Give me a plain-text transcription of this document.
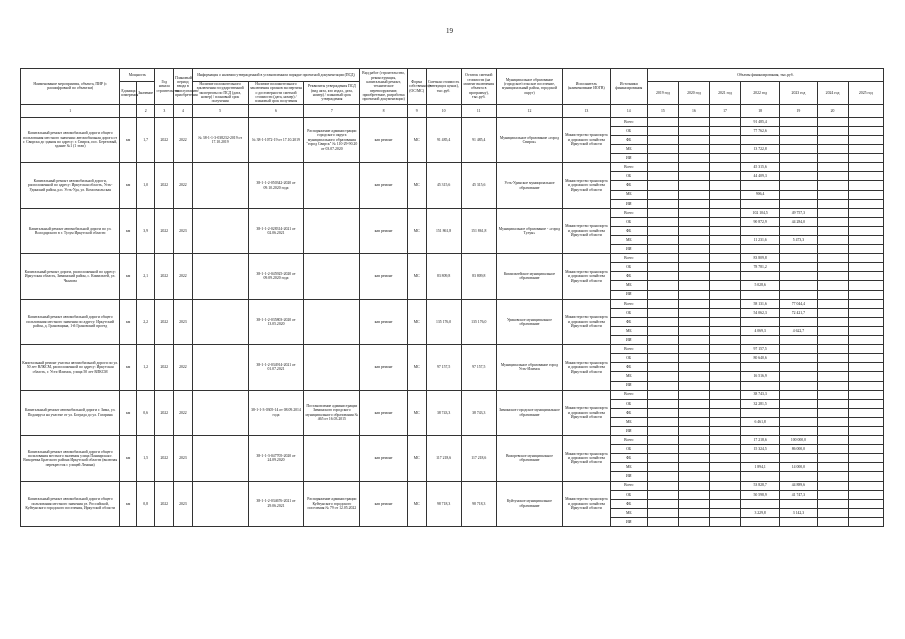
19
Наименование мероприятия, объекта, ПИР (с расшифровкой по объектам)	Мощность		Год начала строительства	Плановый период ввода в эксплуатацию/приобретения	Информация о наличии утвержденной в установленном порядке проектной документации (ПСД)			Вид работ (строительство, реконструкция, капитальный ремонт, техническое перевооружение, приобретение, разработка проектной документации)	Форма собственности (ОС/МС)	Сметная стоимость (в текущих ценах), тыс.руб.	Остаток сметной стоимости (на момент включения объекта в программу), тыс.руб.	Муниципальное образование (городское/сельское поселение, муниципальный район, городской округ)	Исполнитель (наименование ИОГВ)	Источники финансирования	Объемы финансирования, тыс.руб.						
	Единица измерения	Значение			Наличие положительного заключения государственной экспертизы по ПСД (дата, номер) / плановый срок получения	Наличие положительного заключения органов экспертизы о достоверности сметной стоимости (дата, номер) / плановый срок получения	Реквизиты утверждения ПСД (вид акта, кто издал, дата, номер) / плановый срок утверждения								2019 год	2020 год	2021 год	2022 год	2023 год	2024 год	2025 год
1		2	3	4	5	6	7	8	9	10	11	12	13	14	15	16	17	18	19	20	
Капитальный ремонт автомобильной дороги общего пользования местного значения: автомобильная дорога от г. Свирска до здания по адресу: г. Свирск, пос. Березовый, здание №1 (1 этап)	км	1,7	2022	2022	№ 38-1-1-3-038232-2019 от 17.10.2019	№ 38-1-1072-19 от 17.10.2019	Распоряжение администрации городского округа муниципального образования "город Свирск" № 110-29-90.20 от 03.07.2020	кап ремонт	МС	91 485,4	91 485,4	Муниципальное образование «город Свирск»	Министерство транспорта и дорожного хозяйства Иркутской области	Всего				91 485,4			
														ОБ				77 762,6			
														ФБ							
														МБ				13 722,8			
														ИИ							
Капитальный ремонт автомобильной дороги, расположенной по адресу: Иркутская область, Усть-Удинский район, р.п. Усть-Уда, ул. Комсомольская	км	1,0	2022	2022		38-1-1-2-050342-2020 от 09.10.2020 года		кап ремонт	МС	45 315,6	45 315,6	Усть-Удинское муниципальное образование	Министерство транспорта и дорожного хозяйства Иркутской области	Всего				45 315,6			
														ОБ				44 409,3			
														ФБ							
														МБ				906,4			
														ИИ							
Капитальный ремонт автомобильной дороги по ул. Володарского в г. Тулун Иркутской области	км	3,9	2022	2023		38-1-1-2-028314-2021 от 02.06.2021		кап ремонт	МС	151 861,8	151 861,8	Муниципальное образование - «город Тулун»	Министерство транспорта и дорожного хозяйства Иркутской области	Всего				102 104,5	49 757,3		
														ОБ				90 872,9	44 284,0		
														ФБ							
														МБ				11 231,6	5 473,3		
														ИИ							
Капитальный ремонт дороги, расположенной по адресу: Иркутская область, Зиминский район, с. Кимильтей, ул. Чкалова	км	2,1	2022	2022		38-1-1-2-045925-2020 от 09.09.2020 года		кап ремонт	МС	83 809,8	83 809,8	Кимильтейское муниципальное образование	Министерство транспорта и дорожного хозяйства Иркутской области	Всего				83 809,8			
														ОБ				78 781,2			
														ФБ							
														МБ				5 028,6			
														ИИ							
Капитальный ремонт автомобильной дороги общего пользования местного значения по адресу: Иркутский район, д. Грановщина, 1-й Грановский проезд	км	2,2	2022	2023		38-1-1-2-035803-2020 от 13.05.2020		кап ремонт	МС	135 176,0	135 176,0	Уриковское муниципальное образование	Министерство транспорта и дорожного хозяйства Иркутской области	Всего				58 131,6	77 044,4		
														ОБ				54 062,3	72 421,7		
														ФБ							
														МБ				4 069,3	4 622,7		
														ИИ							
Капитальный ремонт участка автомобильной дороги по ул. 50 лет ВЛКСМ, расположенной по адресу: Иркутская область, г. Усть-Илимск, улица 50 лет ВЛКСМ	км	1,2	2022	2022		38-1-1-2-034914-2021 от 01.07.2021		кап ремонт	МС	97 157,5	97 157,5	Муниципальное образование город Усть-Илимск	Министерство транспорта и дорожного хозяйства Иркутской области	Всего				97 157,5			
														ОБ				80 640,6			
														ФБ							
														МБ				16 516,9			
														ИИ							
Капитальный ремонт автомобильной дороги г. Зима, ул. Подаируса на участке от ул. Бограда до ул. Гагарина	км	0,6	2022	2022		38-1-1-3-0305-14 от 08.09.2014 года	Постановление администрации Зиминского городского муниципального образования № 465 от 16.03.2015	кап ремонт	МС	38 743,3	38 743,3	Зиминское городское муниципальное образование	Министерство транспорта и дорожного хозяйства Иркутской области	Всего				38 743,3			
														ОБ				32 281,5			
														ФБ							
														МБ				6 461,8			
														ИИ							
Капитальный ремонт автомобильной дороги общего пользования местного значения улица Паниярская г. Вихоревка Братского района Иркутской области (включая перекресток с улицей Ленина)	км	1,5	2022	2023		38-1-1-3-047705-2020 от 24.09.2020		кап ремонт	МС	117 218,6	117 218,6	Вихоревское муниципальное образование	Министерство транспорта и дорожного хозяйства Иркутской области	Всего				17 218,6	100 000,0		
														ОБ				15 324,5	86 000,0		
														ФБ							
														МБ				1 894,1	14 000,0		
														ИИ							
Капитальный ремонт автомобильной дороги общего пользования местного значения ул. Российской, Куйтунского городского поселения, Иркутской области	км	0,8	2022	2023		38-1-1-2-034676-2021 от 29.06.2021	Распоряжение администрации Куйтунского городского поселения № 79 от 12.05.2022	кап ремонт	МС	98 718,3	98 718,3	Куйтунское муниципальное образование	Министерство транспорта и дорожного хозяйства Иркутской области	Всего				53 828,7	44 889,6		
														ОБ				50 598,9	41 747,3		
														ФБ							
														МБ				3 229,8	3 142,3		
														ИИ							
